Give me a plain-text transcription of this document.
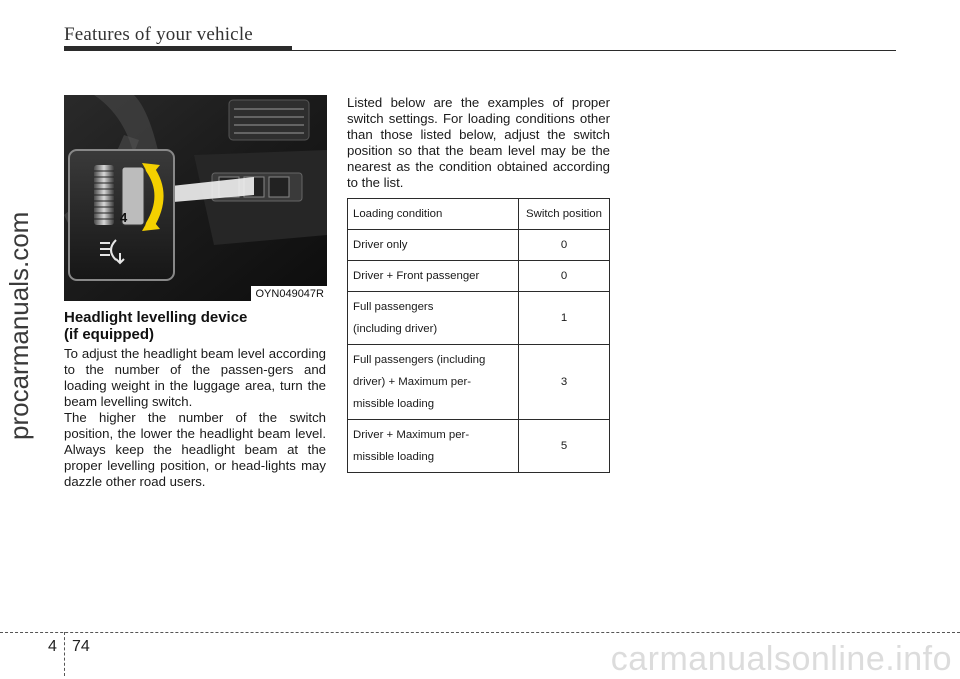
Features of your vehicle
procarmanuals.com
carmanualsonline.info
4
OYN049047R
Headlight levelling device
(if equipped)
To adjust the headlight beam level according to the number of the passen-gers and loading weight in the luggage area, turn the beam levelling switch.
The higher the number of the switch position, the lower the headlight beam level. Always keep the headlight beam at the proper levelling position, or head-lights may dazzle other road users.
Listed below are the examples of proper switch settings. For loading conditions other than those listed below, adjust the switch position so that the beam level may be the nearest as the condition obtained according to the list.
Loading condition	Switch position

Driver only	0

Driver + Front passenger	0

Full passengers
(including driver)	1

Full passengers (including
driver) + Maximum per-
missible loading	3

Driver + Maximum per-
missible loading	5
4 74
